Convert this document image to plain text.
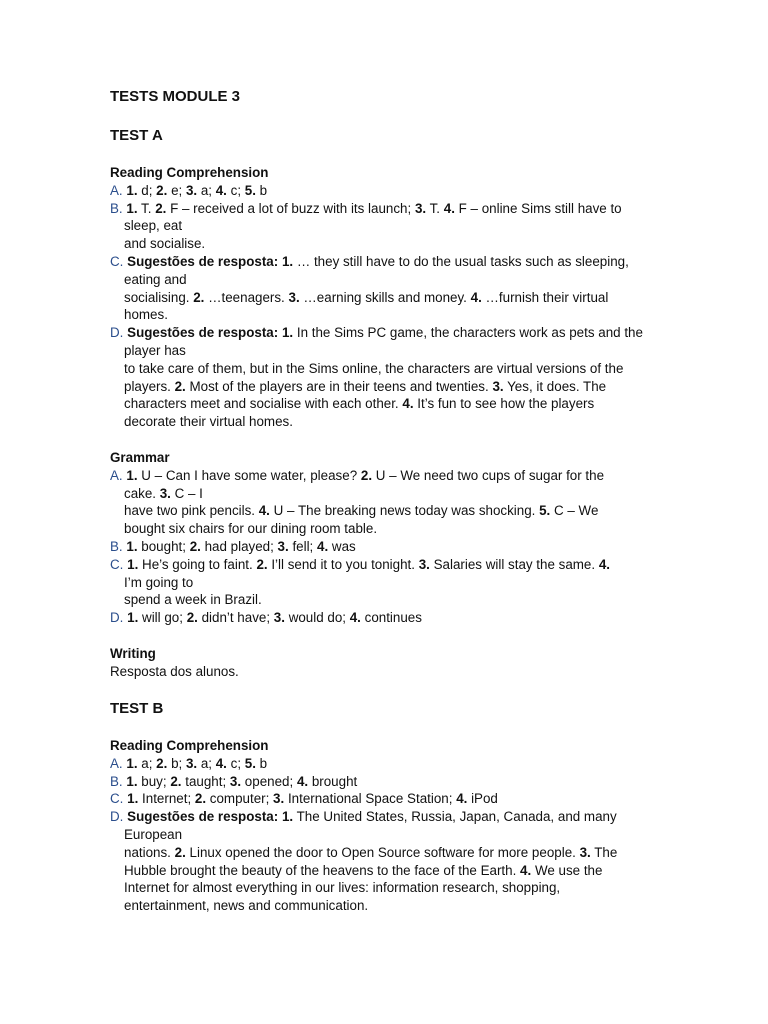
TESTS MODULE 3
TEST A

Reading Comprehension

A. 1. d; 2. e; 3. a; 4. c; 5. b

B. 1. T. 2. F – received a lot of buzz with its launch; 3. T. 4. F – online Sims still have to

sleep, eat

and socialise.

C. Sugestões de resposta: 1. … they still have to do the usual tasks such as sleeping,

eating and

socialising. 2. …teenagers. 3. …earning skills and money. 4. …furnish their virtual

homes.

D. Sugestões de resposta: 1. In the Sims PC game, the characters work as pets and the

player has

to take care of them, but in the Sims online, the characters are virtual versions of the

players. 2. Most of the players are in their teens and twenties. 3. Yes, it does. The

characters meet and socialise with each other. 4. It’s fun to see how the players

decorate their virtual homes.

Grammar

A. 1. U – Can I have some water, please? 2. U – We need two cups of sugar for the

cake. 3. C – I

have two pink pencils. 4. U – The breaking news today was shocking. 5. C – We

bought six chairs for our dining room table.

B. 1. bought; 2. had played; 3. fell; 4. was

C. 1. He’s going to faint. 2. I’ll send it to you tonight. 3. Salaries will stay the same. 4.

I’m going to

spend a week in Brazil.

D. 1. will go; 2. didn’t have; 3. would do; 4. continues

Writing

Resposta dos alunos.

TEST B

Reading Comprehension

A. 1. a; 2. b; 3. a; 4. c; 5. b

B. 1. buy; 2. taught; 3. opened; 4. brought

C. 1. Internet; 2. computer; 3. International Space Station; 4. iPod

D. Sugestões de resposta: 1. The United States, Russia, Japan, Canada, and many

European

nations. 2. Linux opened the door to Open Source software for more people. 3. The

Hubble brought the beauty of the heavens to the face of the Earth. 4. We use the

Internet for almost everything in our lives: information research, shopping,

entertainment, news and communication.
